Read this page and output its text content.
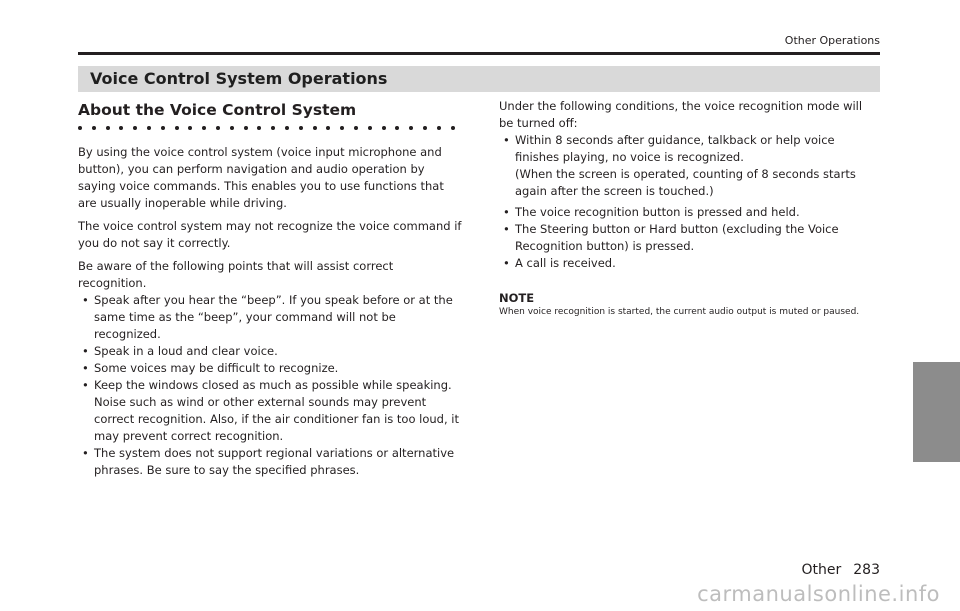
Other Operations
Voice Control System Operations
About the Voice Control System

By using the voice control system (voice input microphone and button), you can perform navigation and audio operation by saying voice commands. This enables you to use functions that are usually inoperable while driving.

The voice control system may not recognize the voice command if you do not say it correctly.

Be aware of the following points that will assist correct recognition.

• Speak after you hear the “beep”. If you speak before or at the same time as the “beep”, your command will not be recognized.
• Speak in a loud and clear voice.
• Some voices may be difficult to recognize.
• Keep the windows closed as much as possible while speaking. Noise such as wind or other external sounds may prevent correct recognition. Also, if the air conditioner fan is too loud, it may prevent correct recognition.
• The system does not support regional variations or alternative phrases. Be sure to say the specified phrases.

Under the following conditions, the voice recognition mode will be turned off:

• Within 8 seconds after guidance, talkback or help voice finishes playing, no voice is recognized.
(When the screen is operated, counting of 8 seconds starts again after the screen is touched.)
• The voice recognition button is pressed and held.
• The Steering button or Hard button (excluding the Voice Recognition button) is pressed.
• A call is received.
NOTE
When voice recognition is started, the current audio output is muted or paused.
Other 283
carmanualsonline.info
